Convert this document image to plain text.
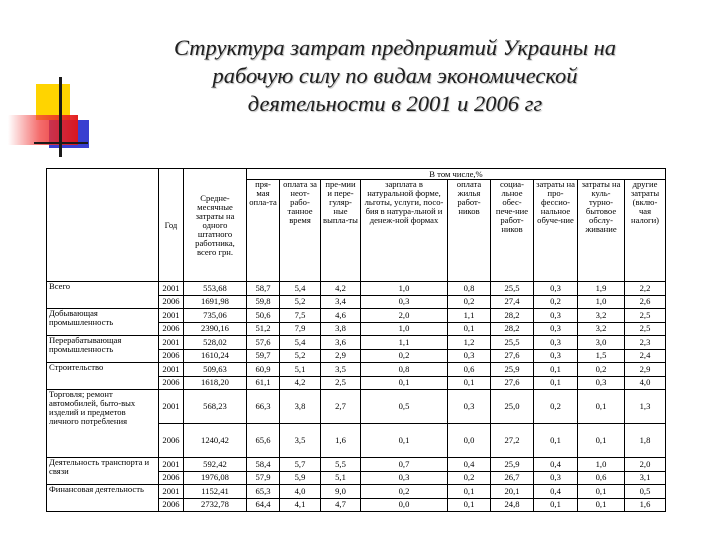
Структура затрат предприятий Украины на
рабочую силу по видам экономической
деятельности в 2001 и 2006 гг
	Год	Средне-месячные затраты на одного штатного работника, всего грн.	В том числе,%								
			пря-мая опла-та	оплата за неот-рабо-танное время	пре-мии и пере-гуляр-ные выпла-ты	зарплата в натуральной форме, льготы, услуги, посо-бия в натура-льной и денеж-ной формах	оплата жилья работ-ников	социа-льное обес-пече-ние работ-ников	затраты на про-фессио-нальное обуче-ние	затраты на куль-турно-бытовое обслу-живание	другие затраты (вклю-чая налоги)
Всего	2001	553,68	58,7	5,4	4,2	1,0	0,8	25,5	0,3	1,9	2,2
	2006	1691,98	59,8	5,2	3,4	0,3	0,2	27,4	0,2	1,0	2,6
Добывающая промышленность	2001	735,06	50,6	7,5	4,6	2,0	1,1	28,2	0,3	3,2	2,5
	2006	2390,16	51,2	7,9	3,8	1,0	0,1	28,2	0,3	3,2	2,5
Перерабатывающая промышленность	2001	528,02	57,6	5,4	3,6	1,1	1,2	25,5	0,3	3,0	2,3
	2006	1610,24	59,7	5,2	2,9	0,2	0,3	27,6	0,3	1,5	2,4
Строительство	2001	509,63	60,9	5,1	3,5	0,8	0,6	25,9	0,1	0,2	2,9
	2006	1618,20	61,1	4,2	2,5	0,1	0,1	27,6	0,1	0,3	4,0
Торговля; ремонт автомобилей, быто-вых изделий и предметов личного потребления	2001	568,23	66,3	3,8	2,7	0,5	0,3	25,0	0,2	0,1	1,3
	2006	1240,42	65,6	3,5	1,6	0,1	0,0	27,2	0,1	0,1	1,8
Деятельность транспорта и связи	2001	592,42	58,4	5,7	5,5	0,7	0,4	25,9	0,4	1,0	2,0
	2006	1976,08	57,9	5,9	5,1	0,3	0,2	26,7	0,3	0,6	3,1
Финансовая деятельность	2001	1152,41	65,3	4,0	9,0	0,2	0,1	20,1	0,4	0,1	0,5
	2006	2732,78	64,4	4,1	4,7	0,0	0,1	24,8	0,1	0,1	1,6
